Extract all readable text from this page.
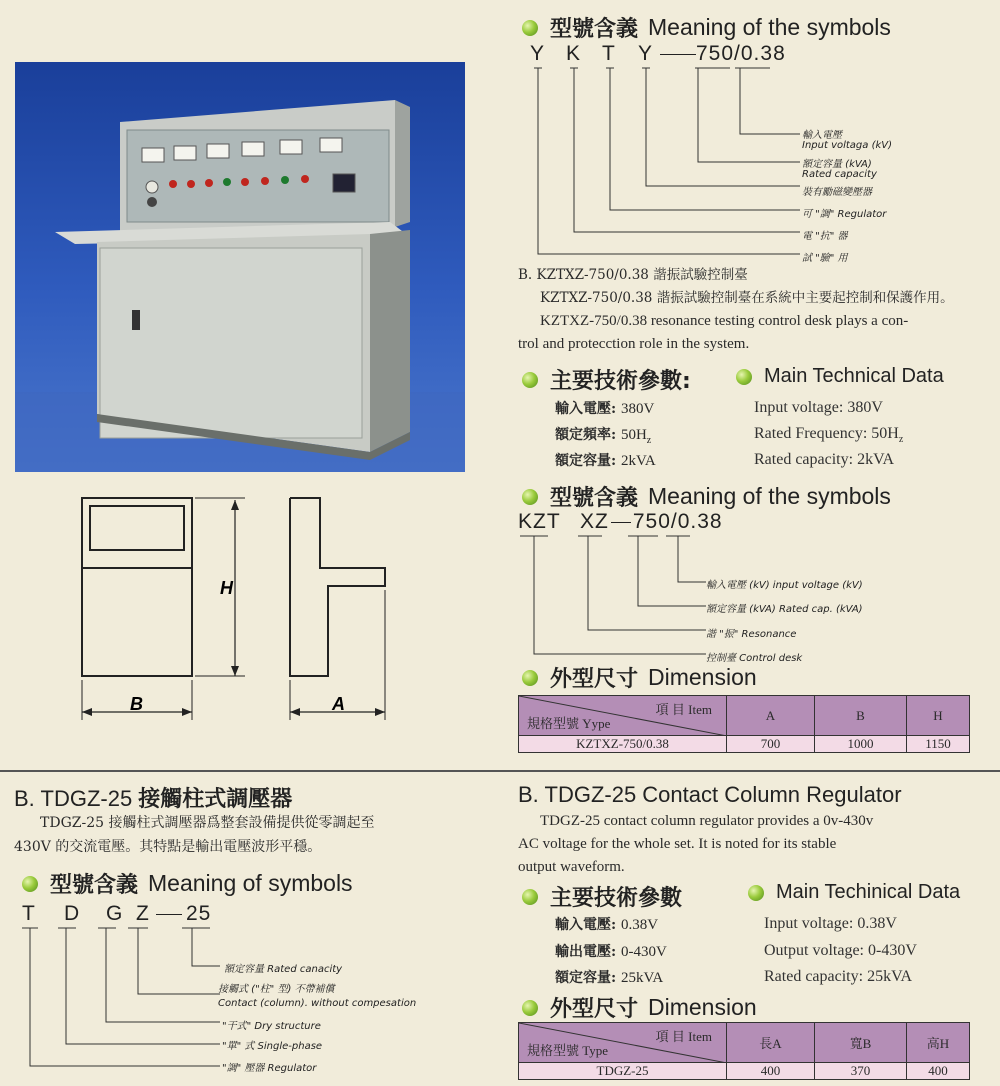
H
B	A
型號含義 Meaning of the symbols
Y K T Y 750/0.38
輸入電壓
Input voltaga (kV)
額定容量 (kVA)
Rated capacity
裝有勵磁變壓器
可 "調" Regulator
電 "抗" 器
試 "驗" 用
B. KZTXZ-750/0.38 諧振試驗控制臺
KZTXZ-750/0.38 諧振試驗控制臺在系統中主要起控制和保護作用。
KZTXZ-750/0.38 resonance testing control desk plays a con-
trol and protecction role in the system.
主要技術參數:	Main Technical Data
輸入電壓: 380V
額定頻率: $50H_z$
額定容量: 2kVA
Input voltage: 380V
Rated Frequency: $50H_z$
Rated capacity: 2kVA
型號含義 Meaning of the symbols
KZT XZ 750/0.38
輸入電壓 (kV) input voltage (kV)
額定容量 (kVA) Rated cap. (kVA)
諧 "振" Resonance
控制臺 Control desk
外型尺寸 Dimension
項 目 Item
規格型號 Yype	A	B	H
KZTXZ-750/0.38	700	1000	1150
B. TDGZ-25 接觸柱式調壓器
TDGZ-25 接觸柱式調壓器爲整套設備提供從零調起至
430V 的交流電壓。其特點是輸出電壓波形平穩。
型號含義 Meaning of symbols
T D G Z 25
額定容量 Rated canacity
接觸式 ("柱" 型) 不帶補償
Contact (column). without compesation
"干式" Dry structure
"單" 式 Single-phase
"調" 壓器 Regulator
B. TDGZ-25 Contact Column Regulator
TDGZ-25 contact column regulator provides a 0v-430v
AC voltage for the whole set. It is noted for its stable
output waveform.
主要技術參數	Main Techinical Data
輸入電壓: 0.38V
輸出電壓: 0-430V
額定容量: 25kVA
Input voltage: 0.38V
Output voltage: 0-430V
Rated capacity: 25kVA
外型尺寸 Dimension
項 目 Item
規格型號 Type	長A	寬B	高H
TDGZ-25	400	370	400
